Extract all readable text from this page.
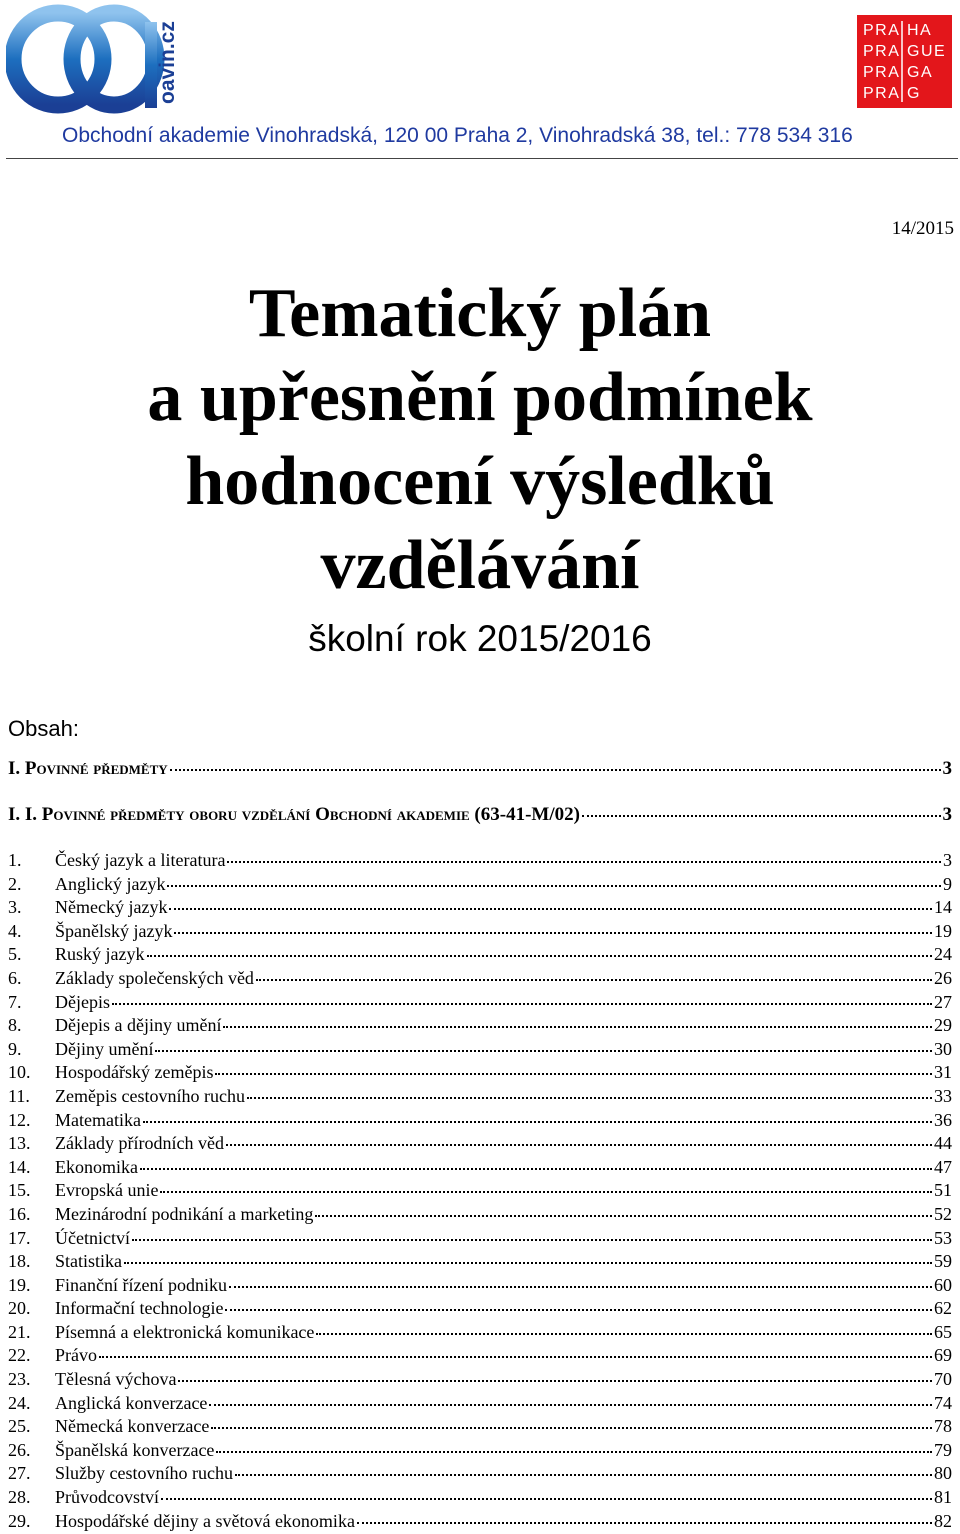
oavin.cz	PRA HA
PRA GUE
PRA GA
PRA G
Obchodní akademie Vinohradská, 120 00 Praha 2, Vinohradská 38, tel.: 778 534 316
14/2015
Tematický plán
a upřesnění podmínek
hodnocení výsledků
vzdělávání
školní rok 2015/2016
Obsah:
I. Povinné předměty	3
I. I. Povinné předměty oboru vzdělání Obchodní akademie (63-41-M/02)	3
1.	Český jazyk a literatura	3
2.	Anglický jazyk	9
3.	Německý jazyk	14
4.	Španělský jazyk	19
5.	Ruský jazyk	24
6.	Základy společenských věd	26
7.	Dějepis	27
8.	Dějepis a dějiny umění	29
9.	Dějiny umění	30
10.	Hospodářský zeměpis	31
11.	Zeměpis cestovního ruchu	33
12.	Matematika	36
13.	Základy přírodních věd	44
14.	Ekonomika	47
15.	Evropská unie	51
16.	Mezinárodní podnikání a marketing	52
17.	Účetnictví	53
18.	Statistika	59
19.	Finanční řízení podniku	60
20.	Informační technologie	62
21.	Písemná a elektronická komunikace	65
22.	Právo	69
23.	Tělesná výchova	70
24.	Anglická konverzace	74
25.	Německá konverzace	78
26.	Španělská konverzace	79
27.	Služby cestovního ruchu	80
28.	Průvodcovství	81
29.	Hospodářské dějiny a světová ekonomika	82
